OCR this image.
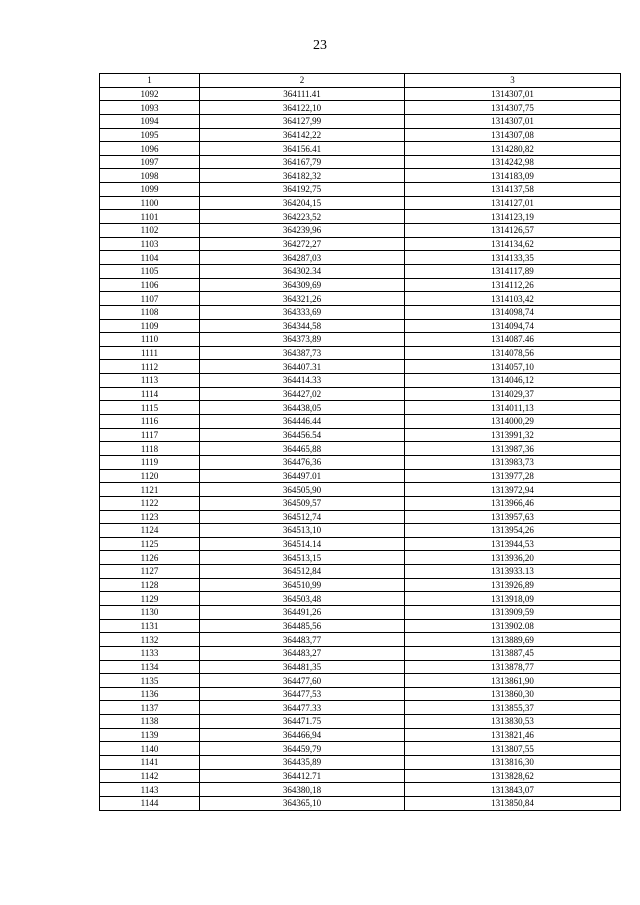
23
1	2	3
1092	364111.41	1314307,01
1093	364122,10	1314307,75
1094	364127,99	1314307,01
1095	364142,22	1314307,08
1096	364156.41	1314280,82
1097	364167,79	1314242,98
1098	364182,32	1314183,09
1099	364192,75	1314137,58
1100	364204,15	1314127,01
1101	364223,52	1314123,19
1102	364239,96	1314126,57
1103	364272,27	1314134,62
1104	364287,03	1314133,35
1105	364302.34	1314117,89
1106	364309,69	1314112,26
1107	364321,26	1314103,42
1108	364333,69	1314098,74
1109	364344,58	1314094,74
1110	364373,89	1314087.46
1111	364387,73	1314078,56
1112	364407.31	1314057,10
1113	364414.33	1314046,12
1114	364427,02	1314029,37
1115	364438,05	1314011,13
1116	364446.44	1314000,29
1117	364456.54	1313991,32
1118	364465,88	1313987,36
1119	364476,36	1313983,73
1120	364497.01	1313977,28
1121	364505,90	1313972,94
1122	364509,57	1313966,46
1123	364512,74	1313957,63
1124	364513,10	1313954,26
1125	364514.14	1313944,53
1126	364513,15	1313936,20
1127	364512,84	1313933.13
1128	364510,99	1313926,89
1129	364503,48	1313918,09
1130	364491,26	1313909,59
1131	364485,56	1313902.08
1132	364483,77	1313889,69
1133	364483,27	1313887,45
1134	364481,35	1313878,77
1135	364477,60	1313861,90
1136	364477,53	1313860,30
1137	364477.33	1313855,37
1138	364471.75	1313830,53
1139	364466,94	1313821,46
1140	364459,79	1313807,55
1141	364435,89	1313816,30
1142	364412.71	1313828,62
1143	364380,18	1313843,07
1144	364365,10	1313850,84
